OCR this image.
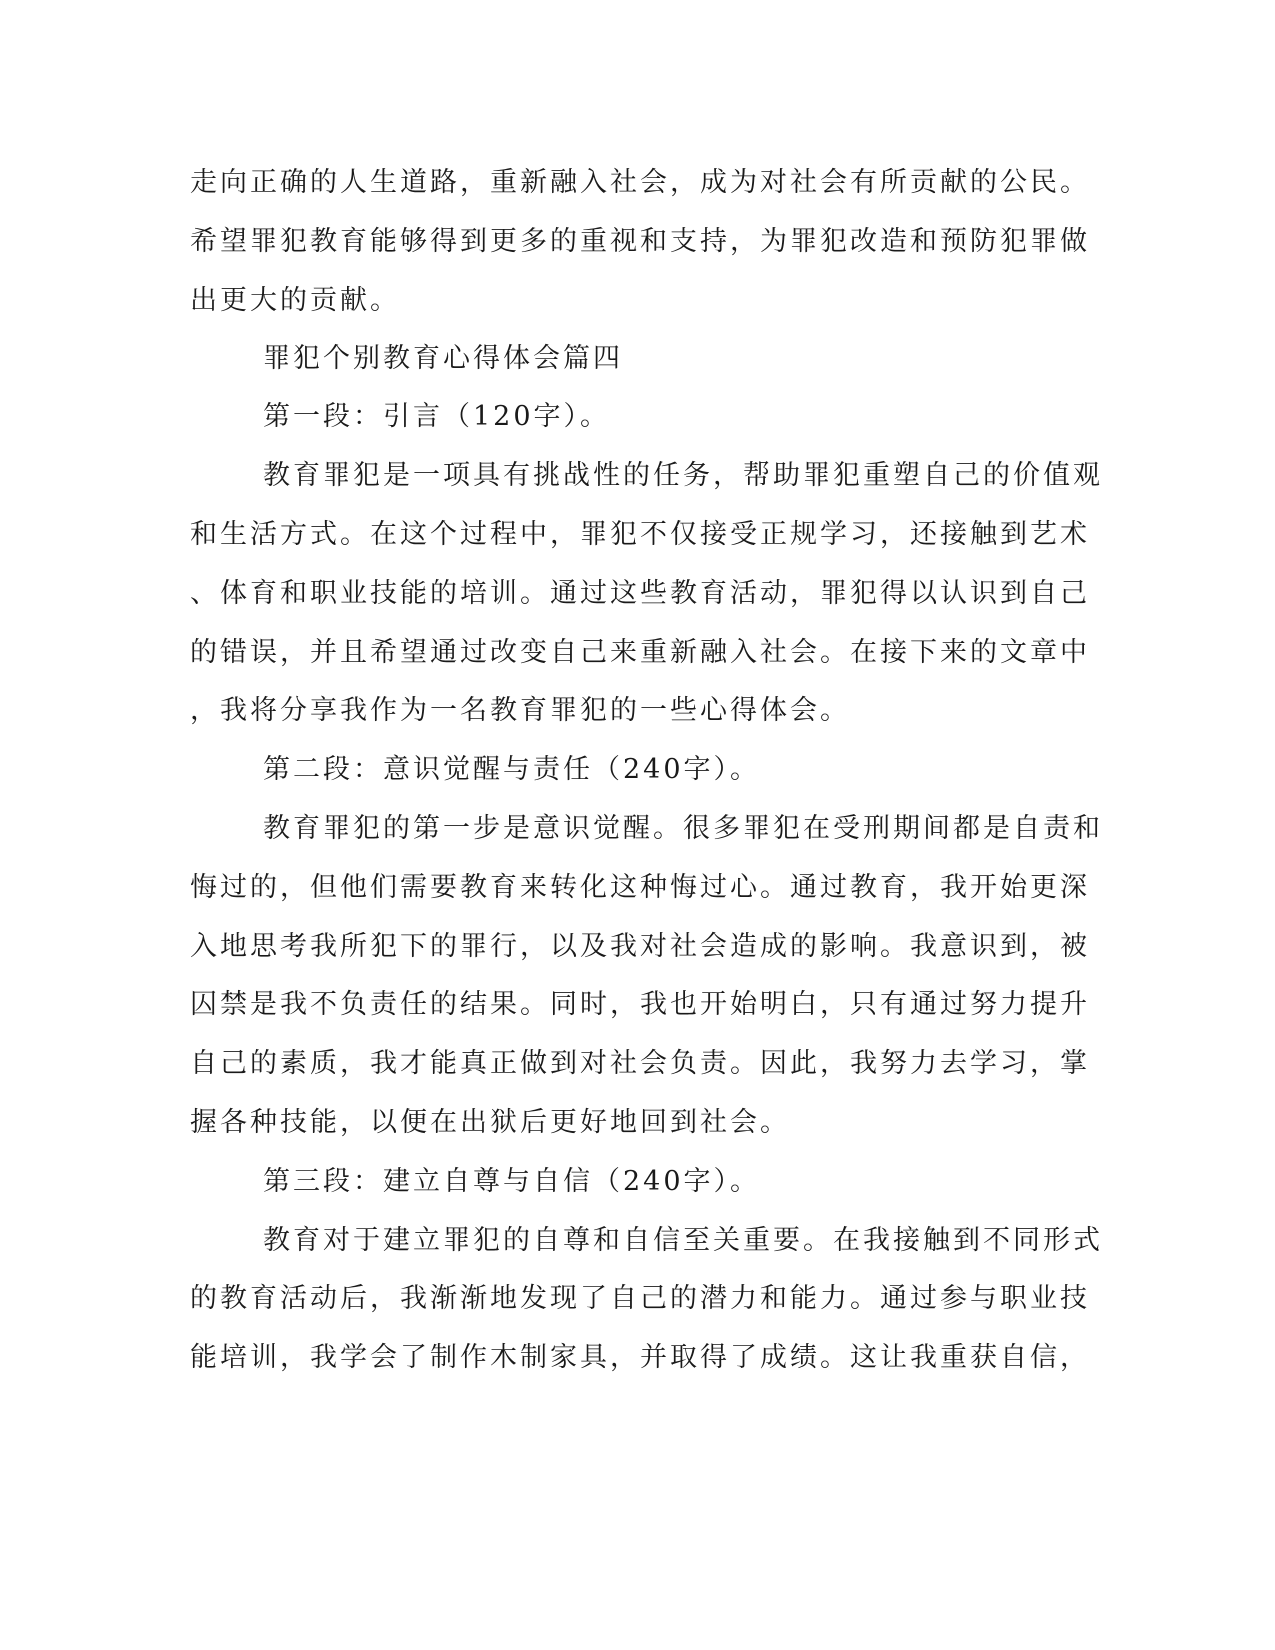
走向正确的人生道路，重新融入社会，成为对社会有所贡献的公民。
希望罪犯教育能够得到更多的重视和支持，为罪犯改造和预防犯罪做
出更大的贡献。
罪犯个别教育心得体会篇四
第一段：引言（120字）。
教育罪犯是一项具有挑战性的任务，帮助罪犯重塑自己的价值观
和生活方式。在这个过程中，罪犯不仅接受正规学习，还接触到艺术
、体育和职业技能的培训。通过这些教育活动，罪犯得以认识到自己
的错误，并且希望通过改变自己来重新融入社会。在接下来的文章中
，我将分享我作为一名教育罪犯的一些心得体会。
第二段：意识觉醒与责任（240字）。
教育罪犯的第一步是意识觉醒。很多罪犯在受刑期间都是自责和
悔过的，但他们需要教育来转化这种悔过心。通过教育，我开始更深
入地思考我所犯下的罪行，以及我对社会造成的影响。我意识到，被
囚禁是我不负责任的结果。同时，我也开始明白，只有通过努力提升
自己的素质，我才能真正做到对社会负责。因此，我努力去学习，掌
握各种技能，以便在出狱后更好地回到社会。
第三段：建立自尊与自信（240字）。
教育对于建立罪犯的自尊和自信至关重要。在我接触到不同形式
的教育活动后，我渐渐地发现了自己的潜力和能力。通过参与职业技
能培训，我学会了制作木制家具，并取得了成绩。这让我重获自信，
